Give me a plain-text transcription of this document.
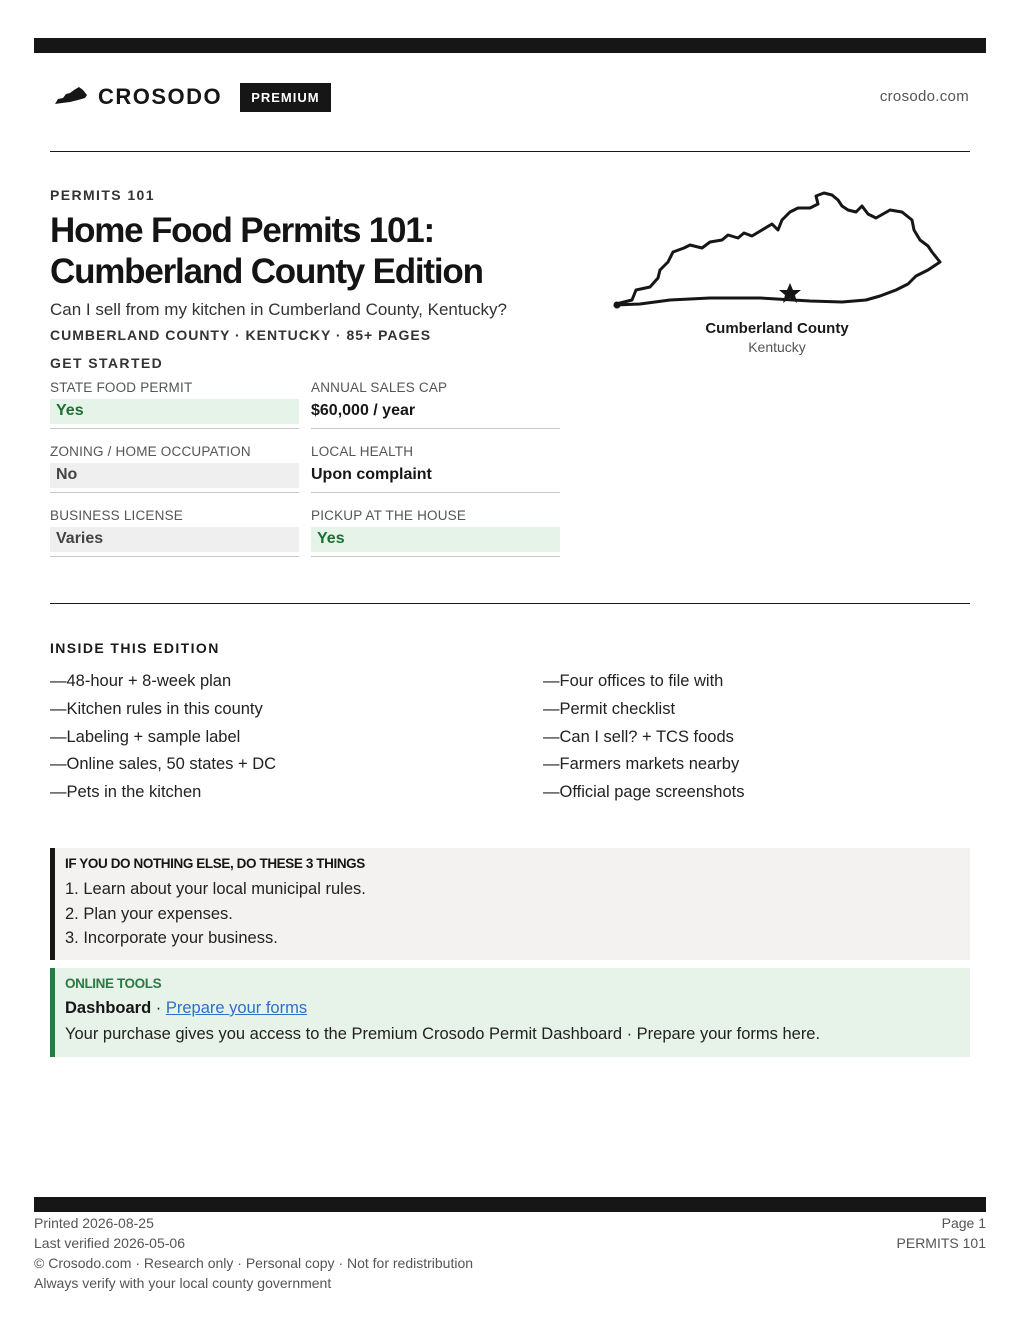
CROSODO	PREMIUM	crosodo.com
PERMITS 101
Home Food Permits 101:
Cumberland County Edition
Can I sell from my kitchen in Cumberland County, Kentucky?
CUMBERLAND COUNTY · KENTUCKY · 85+ PAGES
GET STARTED
STATE FOOD PERMIT
Yes
ANNUAL SALES CAP
$60,000 / year
ZONING / HOME OCCUPATION
No
LOCAL HEALTH
Upon complaint
BUSINESS LICENSE
Varies
PICKUP AT THE HOUSE
Yes
Cumberland County
Kentucky
INSIDE THIS EDITION
—48-hour + 8-week plan
—Kitchen rules in this county
—Labeling + sample label
—Online sales, 50 states + DC
—Pets in the kitchen
—Four offices to file with
—Permit checklist
—Can I sell? + TCS foods
—Farmers markets nearby
—Official page screenshots
IF YOU DO NOTHING ELSE, DO THESE 3 THINGS
1. Learn about your local municipal rules.
2. Plan your expenses.
3. Incorporate your business.
ONLINE TOOLS
Dashboard · Prepare your forms
Your purchase gives you access to the Premium Crosodo Permit Dashboard · Prepare your forms here.
Printed 2026-08-25
Last verified 2026-05-06
© Crosodo.com · Research only · Personal copy · Not for redistribution
Always verify with your local county government
Page 1
PERMITS 101
